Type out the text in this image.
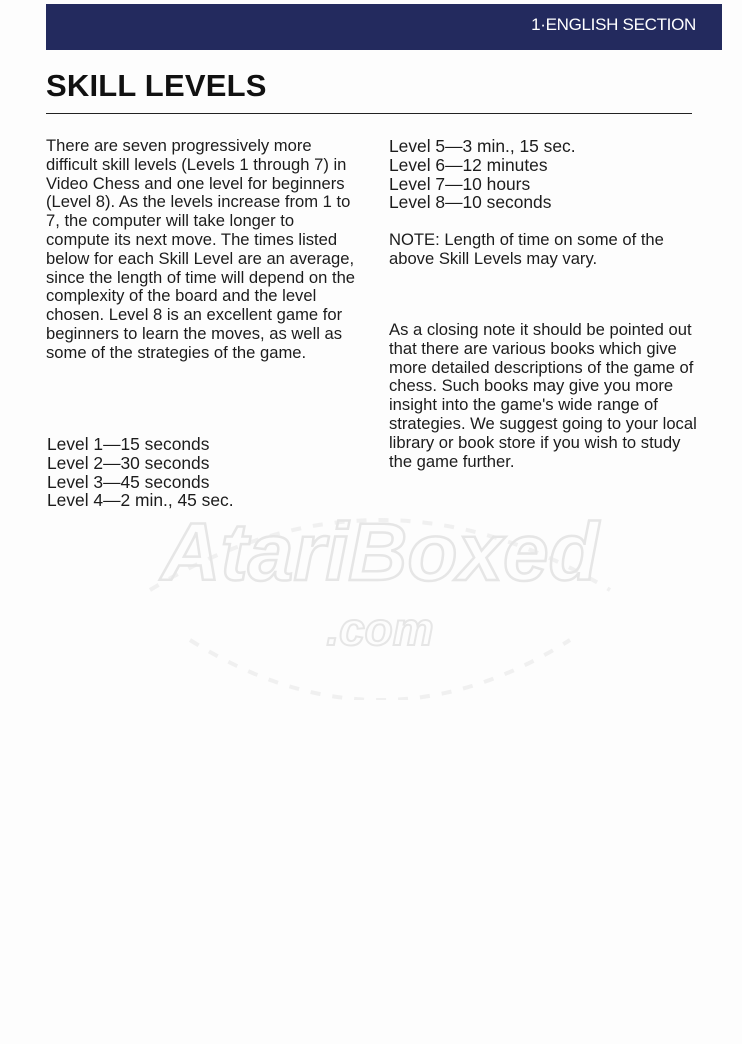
1·ENGLISH SECTION
SKILL LEVELS

There are seven progressively more difficult skill levels (Levels 1 through 7) in Video Chess and one level for beginners (Level 8). As the levels increase from 1 to 7, the computer will take longer to compute its next move. The times listed below for each Skill Level are an average, since the length of time will depend on the complexity of the board and the level chosen. Level 8 is an excellent game for beginners to learn the moves, as well as some of the strategies of the game.

Level 1—15 seconds
Level 2—30 seconds
Level 3—45 seconds
Level 4—2 min., 45 sec.
Level 5—3 min., 15 sec.
Level 6—12 minutes
Level 7—10 hours
Level 8—10 seconds

NOTE: Length of time on some of the above Skill Levels may vary.

As a closing note it should be pointed out that there are various books which give more detailed descriptions of the game of chess. Such books may give you more insight into the game's wide range of strategies. We suggest going to your local library or book store if you wish to study the game further.

AtariBoxed
.com
